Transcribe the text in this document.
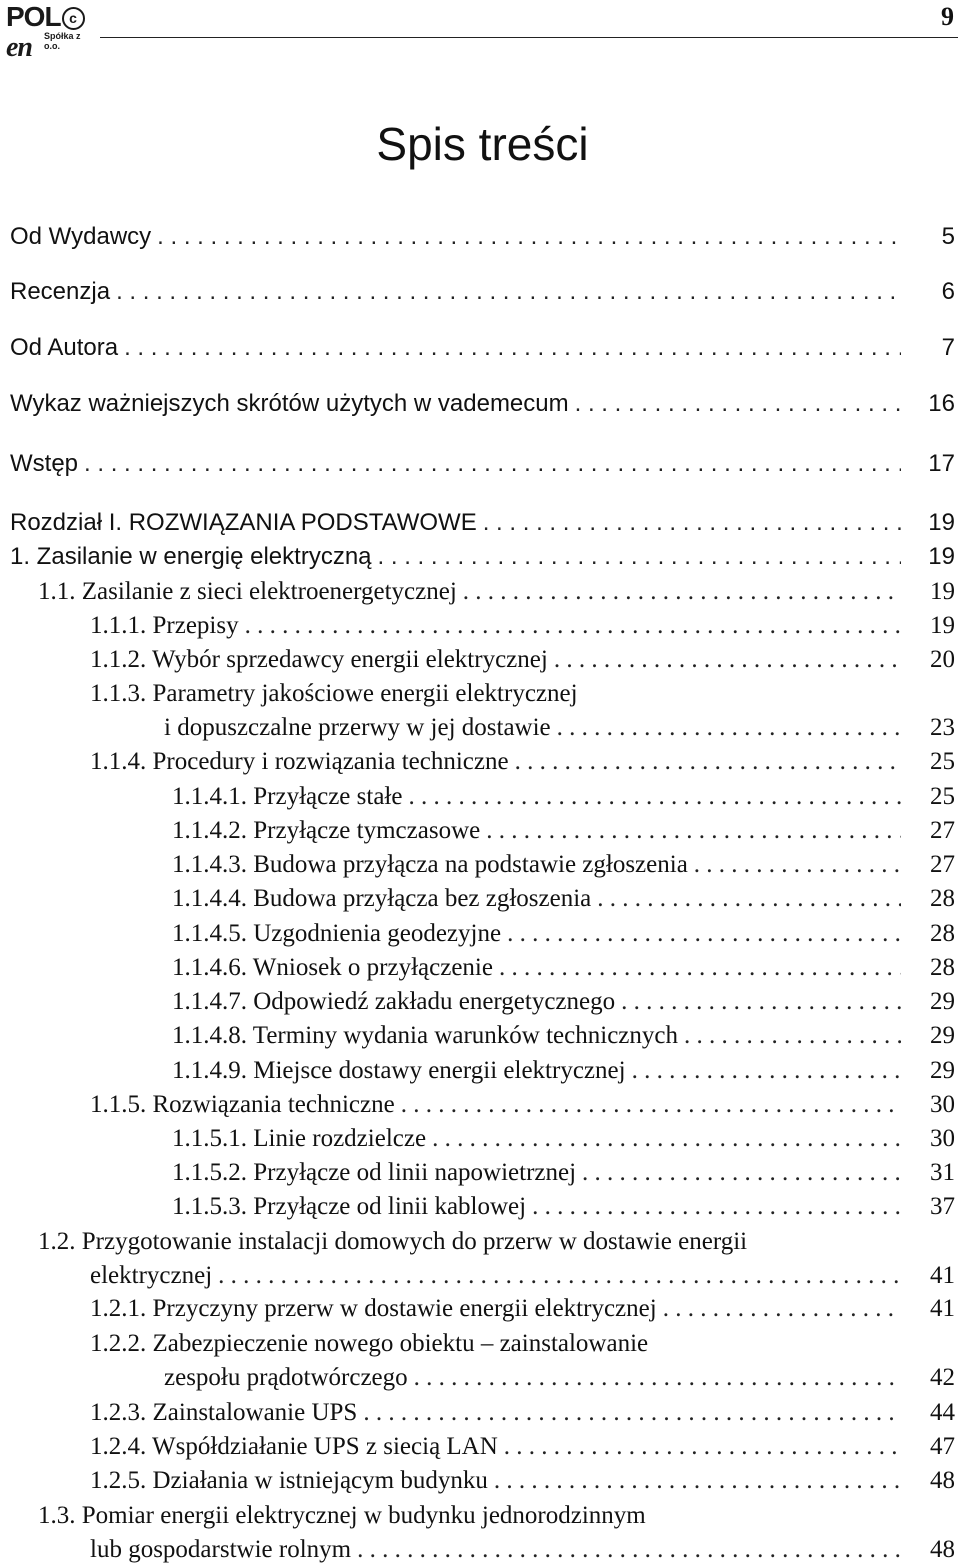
POL cen	Spółka z o.o.
9
Spis treści
Od Wydawcy . . .	5
Recenzja . . .	6
Od Autora . . .	7
Wykaz ważniejszych skrótów użytych w vademecum . . .	16
Wstęp . . .	17
Rozdział I. ROZWIĄZANIA PODSTAWOWE . . .	19
1. Zasilanie w energię elektryczną . . .	19
1.1. Zasilanie z sieci elektroenergetycznej . . .	19
1.1.1. Przepisy . . .	19
1.1.2. Wybór sprzedawcy energii elektrycznej . . .	20
1.1.3. Parametry jakościowe energii elektrycznej
i dopuszczalne przerwy w jej dostawie . . .	23
1.1.4. Procedury i rozwiązania techniczne . . .	25
1.1.4.1. Przyłącze stałe . . .	25
1.1.4.2. Przyłącze tymczasowe . . .	27
1.1.4.3. Budowa przyłącza na podstawie zgłoszenia . . .	27
1.1.4.4. Budowa przyłącza bez zgłoszenia . . .	28
1.1.4.5. Uzgodnienia geodezyjne . . .	28
1.1.4.6. Wniosek o przyłączenie . . .	28
1.1.4.7. Odpowiedź zakładu energetycznego . . .	29
1.1.4.8. Terminy wydania warunków technicznych . . .	29
1.1.4.9. Miejsce dostawy energii elektrycznej . . .	29
1.1.5. Rozwiązania techniczne . . .	30
1.1.5.1. Linie rozdzielcze . . .	30
1.1.5.2. Przyłącze od linii napowietrznej . . .	31
1.1.5.3. Przyłącze od linii kablowej . . .	37
1.2. Przygotowanie instalacji domowych do przerw w dostawie energii
elektrycznej . . .	41
1.2.1. Przyczyny przerw w dostawie energii elektrycznej . . .	41
1.2.2. Zabezpieczenie nowego obiektu – zainstalowanie
zespołu prądotwórczego . . .	42
1.2.3. Zainstalowanie UPS . . .	44
1.2.4. Współdziałanie UPS z siecią LAN . . .	47
1.2.5. Działania w istniejącym budynku . . .	48
1.3. Pomiar energii elektrycznej w budynku jednorodzinnym
lub gospodarstwie rolnym . . .	48
